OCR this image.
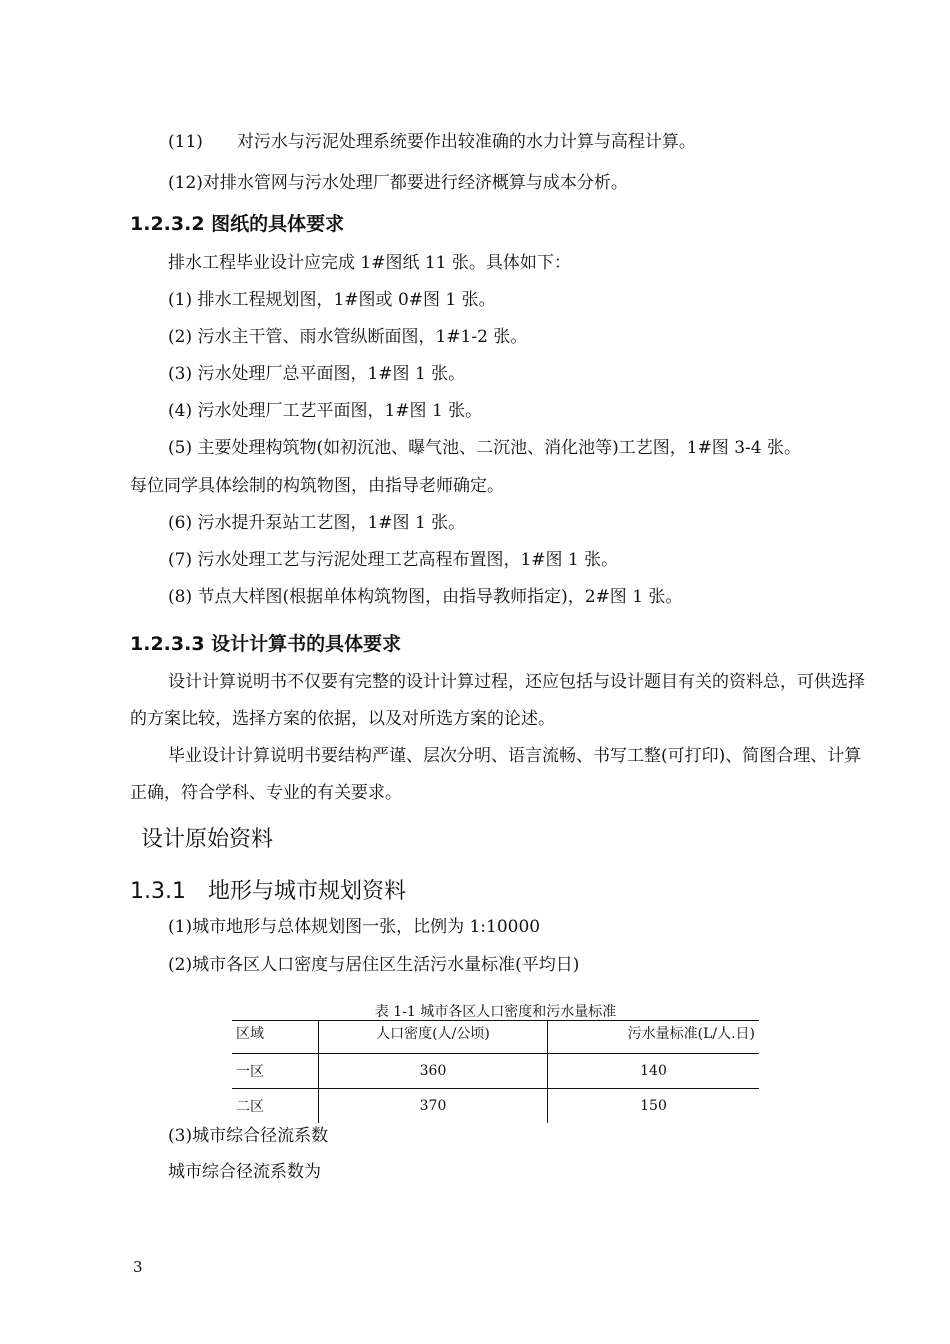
(11) 对污水与污泥处理系统要作出较准确的水力计算与高程计算。
(12)对排水管网与污水处理厂都要进行经济概算与成本分析。
1.2.3.2 图纸的具体要求
排水工程毕业设计应完成 1#图纸 11 张。具体如下：
(1) 排水工程规划图，1#图或 0#图 1 张。
(2) 污水主干管、雨水管纵断面图，1#1-2 张。
(3) 污水处理厂总平面图，1#图 1 张。
(4) 污水处理厂工艺平面图，1#图 1 张。
(5) 主要处理构筑物(如初沉池、曝气池、二沉池、消化池等)工艺图，1#图 3-4 张。
每位同学具体绘制的构筑物图，由指导老师确定。
(6) 污水提升泵站工艺图，1#图 1 张。
(7) 污水处理工艺与污泥处理工艺高程布置图，1#图 1 张。
(8) 节点大样图(根据单体构筑物图，由指导教师指定)，2#图 1 张。
1.2.3.3 设计计算书的具体要求
设计计算说明书不仅要有完整的设计计算过程，还应包括与设计题目有关的资料总，可供选择的方案比较，选择方案的依据，以及对所选方案的论述。
毕业设计计算说明书要结构严谨、层次分明、语言流畅、书写工整(可打印)、简图合理、计算正确，符合学科、专业的有关要求。
设计原始资料
1.3.1　地形与城市规划资料
(1)城市地形与总体规划图一张，比例为 1:10000
(2)城市各区人口密度与居住区生活污水量标准(平均日)
表 1-1 城市各区人口密度和污水量标准
区域	人口密度(人/公顷)	污水量标准(L/人.日)
一区	360	140
二区	370	150
(3)城市综合径流系数
城市综合径流系数为
3
